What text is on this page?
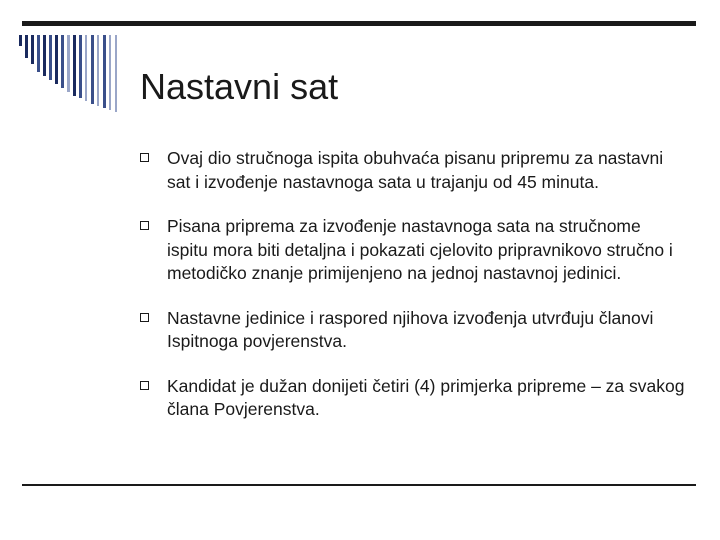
Nastavni sat
Ovaj dio stručnoga ispita obuhvaća pisanu pripremu za nastavni sat i izvođenje nastavnoga sata u trajanju od 45 minuta.
Pisana priprema za izvođenje nastavnoga sata na stručnome ispitu mora biti detaljna i pokazati cjelovito pripravnikovo stručno i metodičko znanje primijenjeno na jednoj nastavnoj jedinici.
Nastavne jedinice i raspored njihova izvođenja utvrđuju članovi Ispitnoga povjerenstva.
Kandidat je dužan donijeti četiri (4) primjerka pripreme – za svakog člana Povjerenstva.
